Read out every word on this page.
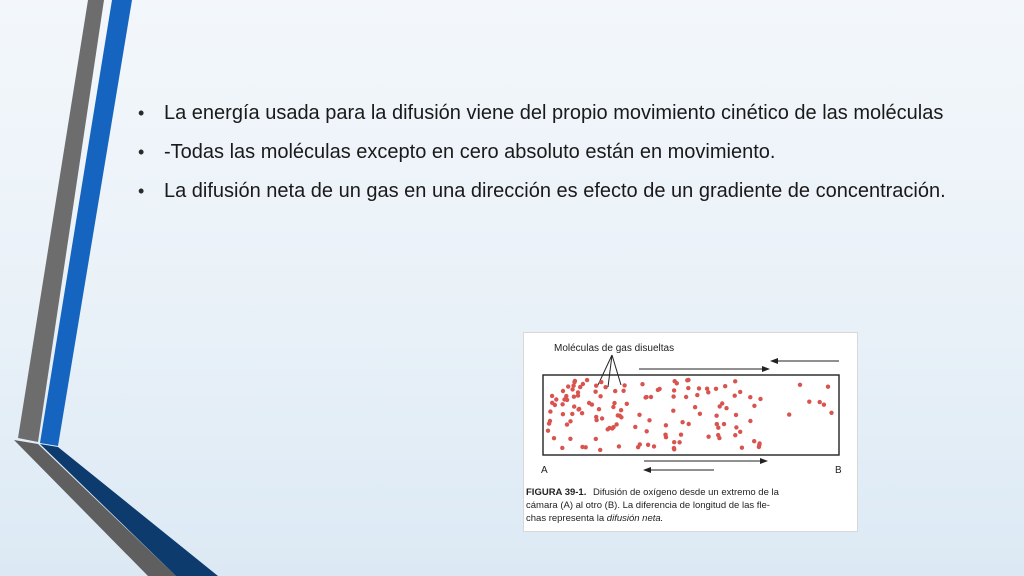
• La energía usada para la difusión viene del propio movimiento cinético de las moléculas
• -Todas las moléculas excepto en cero absoluto están en movimiento.
• La difusión neta de un gas en una dirección es efecto de un gradiente de concentración.
Moléculas de gas disueltas
A	B
FIGURA 39-1. Difusión de oxígeno desde un extremo de la
cámara (A) al otro (B). La diferencia de longitud de las fle-
chas representa la difusión neta.
